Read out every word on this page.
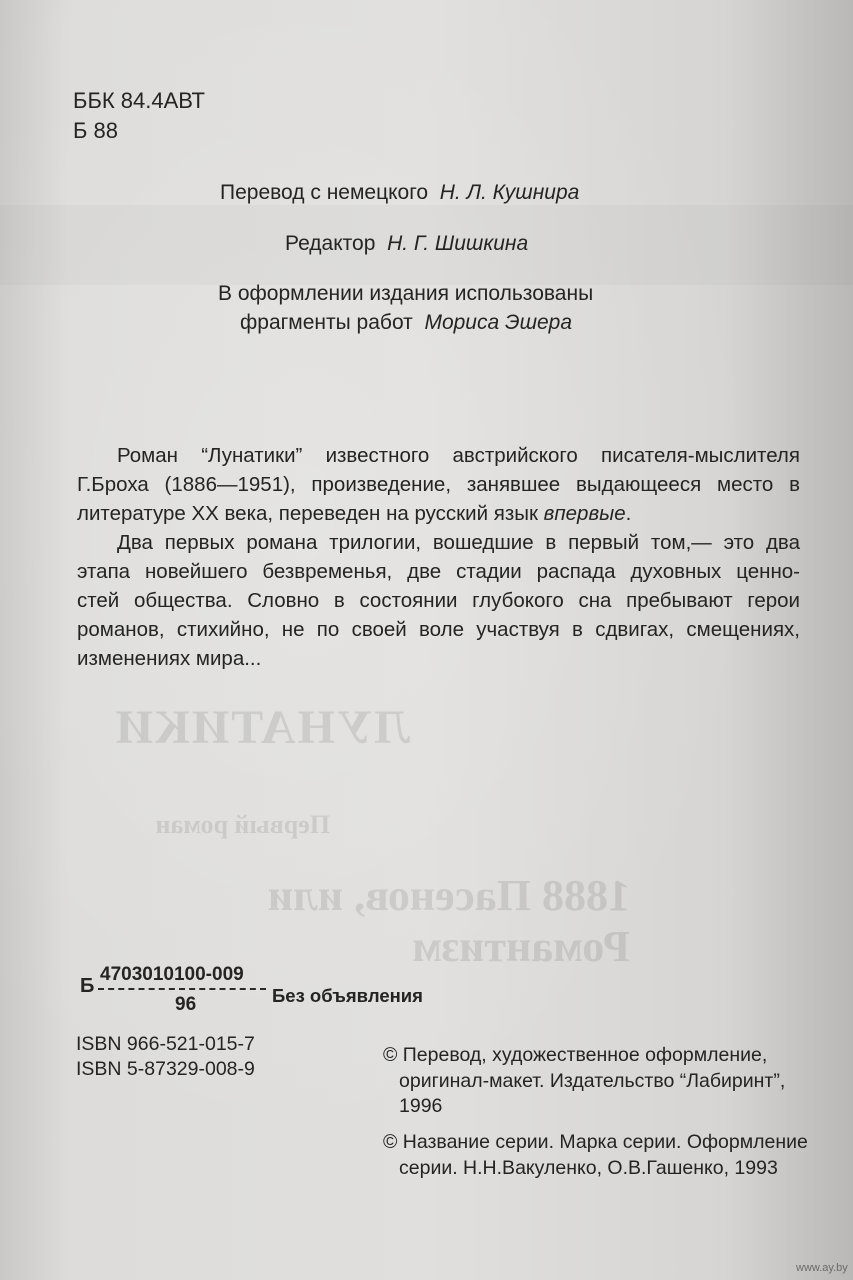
ЛУНАТИКИ
1888 Пасенов, или Романтизм
Первый роман

ББК 84.4АВТ

Б 88

Перевод с немецкого Н. Л. Кушнира

Редактор Н. Г. Шишкина

В оформлении издания использованы

фрагменты работ Мориса Эшера

Роман “Лунатики” известного австрийского писателя-мыслителя

Г.Броха (1886—1951), произведение, занявшее выдающееся место в

литературе XX века, переведен на русский язык впервые.

Два первых романа трилогии, вошедшие в первый том,— это два

этапа новейшего безвременья, две стадии распада духовных ценно-

стей общества. Словно в состоянии глубокого сна пребывают герои

романов, стихийно, не по своей воле участвуя в сдвигах, смещениях,

изменениях мира...

Б
4703010100-009
96	Без объявления

ISBN 966-521-015-7

ISBN 5-87329-008-9

© Перевод, художественное оформление,

оригинал-макет. Издательство “Лабиринт”,

1996

© Название серии. Марка серии. Оформление

серии. Н.Н.Вакуленко, О.В.Гашенко, 1993

www.ay.by
